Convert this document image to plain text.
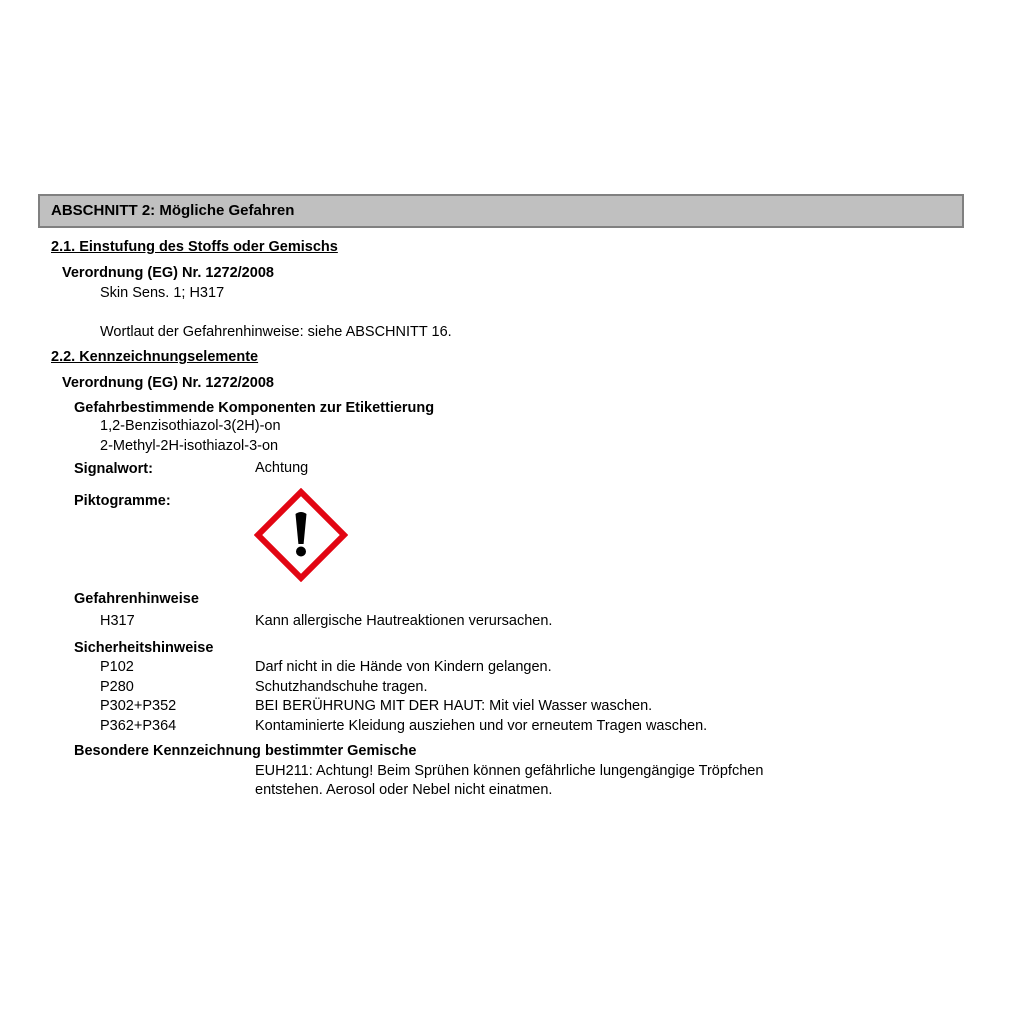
ABSCHNITT 2: Mögliche Gefahren
2.1. Einstufung des Stoffs oder Gemischs
Verordnung (EG) Nr. 1272/2008
Skin Sens. 1; H317
Wortlaut der Gefahrenhinweise: siehe ABSCHNITT 16.
2.2. Kennzeichnungselemente
Verordnung (EG) Nr. 1272/2008
Gefahrbestimmende Komponenten zur Etikettierung
1,2-Benzisothiazol-3(2H)-on
2-Methyl-2H-isothiazol-3-on
Signalwort:	Achtung
Piktogramme:
Gefahrenhinweise
H317	Kann allergische Hautreaktionen verursachen.
Sicherheitshinweise
P102	Darf nicht in die Hände von Kindern gelangen.
P280	Schutzhandschuhe tragen.
P302+P352	BEI BERÜHRUNG MIT DER HAUT: Mit viel Wasser waschen.
P362+P364	Kontaminierte Kleidung ausziehen und vor erneutem Tragen waschen.
Besondere Kennzeichnung bestimmter Gemische
EUH211: Achtung! Beim Sprühen können gefährliche lungengängige Tröpfchen
entstehen. Aerosol oder Nebel nicht einatmen.
